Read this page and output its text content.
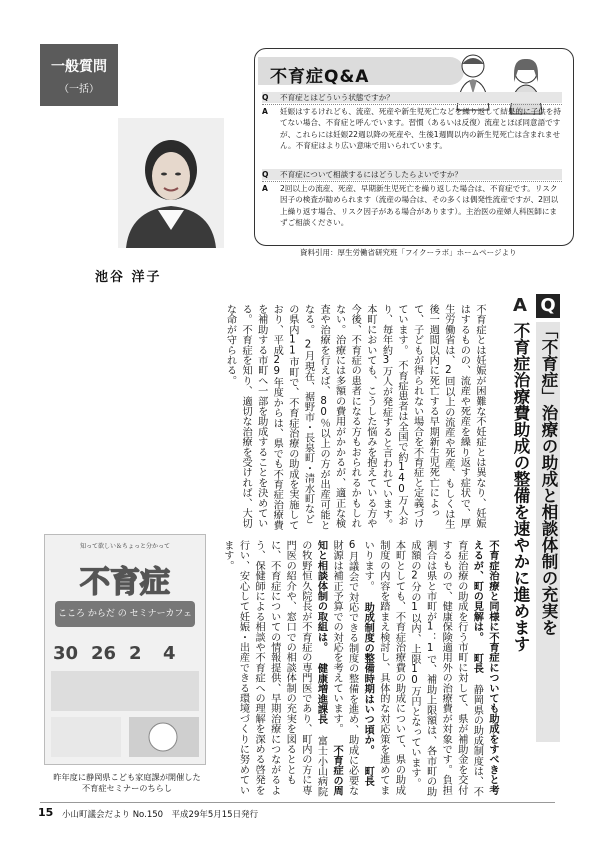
一般質問
（一括）
池谷 洋子
不育症Q&A
Q 不育症とはどういう状態ですか？
A 妊娠はするけれども、流産、死産や新生児死亡などを繰り返して結果的に子供を持てない場合、不育症と呼んでいます。習慣（あるいは反復）流産とほぼ同意語ですが、これらには妊娠22週以降の死産や、生後1週間以内の新生児死亡は含まれません。不育症はより広い意味で用いられています。
Q 不育症について相談するにはどうしたらよいですか？
A 2回以上の流産、死産、早期新生児死亡を繰り返した場合は、不育症です。リスク因子の検査が勧められます（流産の場合は、その多くは偶発性流産ですが、2回以上繰り返す場合、リスク因子がある場合があります）。主治医の産婦人科医師にまずご相談ください。
資料引用：厚生労働省研究班「フイクーラボ」ホームページより
Q
A
「不育症」治療の助成と相談体制の充実を
不育症治療費助成の整備を速やかに進めます
不育症とは妊娠が困難な不妊症とは異なり、妊娠はするものの、流産や死産を繰り返す症状で、厚生労働省は、2回以上の流産や死産、もしくは生後一週間以内に死亡する早期新生児死亡によって、子どもが得られない場合を不育症と定義づけています。　不育症患者は全国で約140万人おり、毎年約3万人が発症すると言われています。本町においても、こうした悩みを抱えている方や今後、不育症の患者になる方もおられるかもしれない。治療には多額の費用がかかるが、適正な検査や治療を行えば、80％以上の方が出産可能となる。　2月現在、裾野市・長泉町・清水町などの県内11市町で、不育症治療の助成を実施しており、平成29年度からは、県でも不育症治療費を補助する市町へ一部を助成することを決めている。不育症を知り、適切な治療を受ければ、大切な命が守られる。
不育症治療と同様に不育症についても助成をすべきと考えるが、町の見解は。 町長 静岡県の助成制度は、不育症治療の助成を行う市町に対して、県が補助金を交付するもので、健康保険適用外の治療費が対象です。負担割合は県と市町が1：1で、補助上限額は、各市町の助成額の2分の1以内、上限10万円となっています。本町としても、不育症治療費の助成について、県の助成制度の内容を踏まえ検討し、具体的な対応策を進めてまいります。 助成制度の整備時期はいつ頃か。 町長 6月議会で対応できる制度の整備を進め、助成に必要な財源は補正予算での対応を考えています。 不育症の周知と相談体制の取組は。 健康増進課長 富士小山病院の牧野恒久院長が不育症の専門医であり、町内の方に専門医の紹介や、窓口での相談体制の充実を図るとともに、不育症についての情報提供、早期治療につながるよう、保健師による相談や不育症への理解を深める啓発を行い、安心して妊娠・出産できる環境づくりに努めています。
知って欲しい＆ちょっと分かって
不育症
こころ からだ の セミナーカフェ
30 26 2 4
昨年度に静岡県こども家庭課が開催した不育症セミナーのちらし
15 小山町議会だより No.150　平成29年5月15日発行
